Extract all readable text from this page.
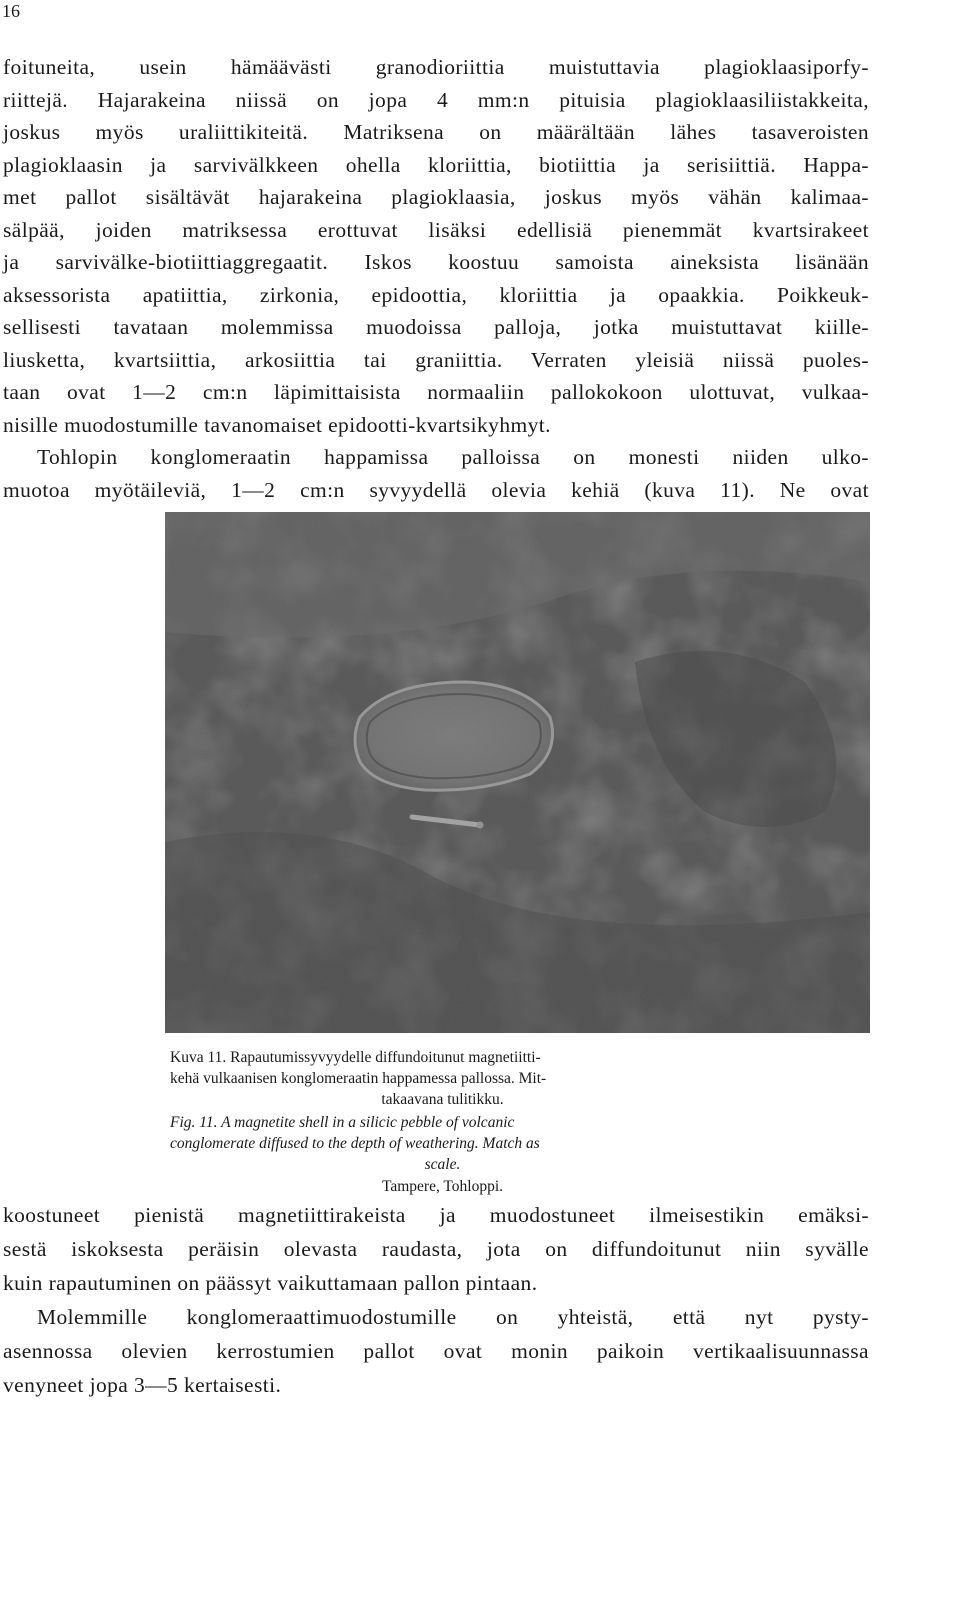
16
foituneita, usein hämäävästi granodioriittia muistuttavia plagioklaasiporfy-
riittejä. Hajarakeina niissä on jopa 4 mm:n pituisia plagioklaasiliistakkeita,
joskus myös uraliittikiteitä. Matriksena on määrältään lähes tasaveroisten
plagioklaasin ja sarvivälkkeen ohella kloriittia, biotiittia ja serisiittiä. Happa-
met pallot sisältävät hajarakeina plagioklaasia, joskus myös vähän kalimaa-
sälpää, joiden matriksessa erottuvat lisäksi edellisiä pienemmät kvartsirakeet
ja sarvivälke-biotiittiaggregaatit. Iskos koostuu samoista aineksista lisänään
aksessorista apatiittia, zirkonia, epidoottia, kloriittia ja opaakkia. Poikkeuk-
sellisesti tavataan molemmissa muodoissa palloja, jotka muistuttavat kiille-
liusketta, kvartsiittia, arkosiittia tai graniittia. Verraten yleisiä niissä puoles-
taan ovat 1—2 cm:n läpimittaisista normaaliin pallokokoon ulottuvat, vulkaa-
nisille muodostumille tavanomaiset epidootti-kvartsikyhmyt.
Tohlopin konglomeraatin happamissa palloissa on monesti niiden ulko-
muotoa myötäileviä, 1—2 cm:n syvyydellä olevia kehiä (kuva 11). Ne ovat
Kuva 11. Rapautumissyvyydelle diffundoitunut magnetiitti-
kehä vulkaanisen konglomeraatin happamessa pallossa. Mit-
takaavana tulitikku.
Fig. 11. A magnetite shell in a silicic pebble of volcanic
conglomerate diffused to the depth of weathering. Match as
scale.
Tampere, Tohloppi.
koostuneet pienistä magnetiittirakeista ja muodostuneet ilmeisestikin emäksi-
sestä iskoksesta peräisin olevasta raudasta, jota on diffundoitunut niin syvälle
kuin rapautuminen on päässyt vaikuttamaan pallon pintaan.
Molemmille konglomeraattimuodostumille on yhteistä, että nyt pysty-
asennossa olevien kerrostumien pallot ovat monin paikoin vertikaalisuunnassa
venyneet jopa 3—5 kertaisesti.
